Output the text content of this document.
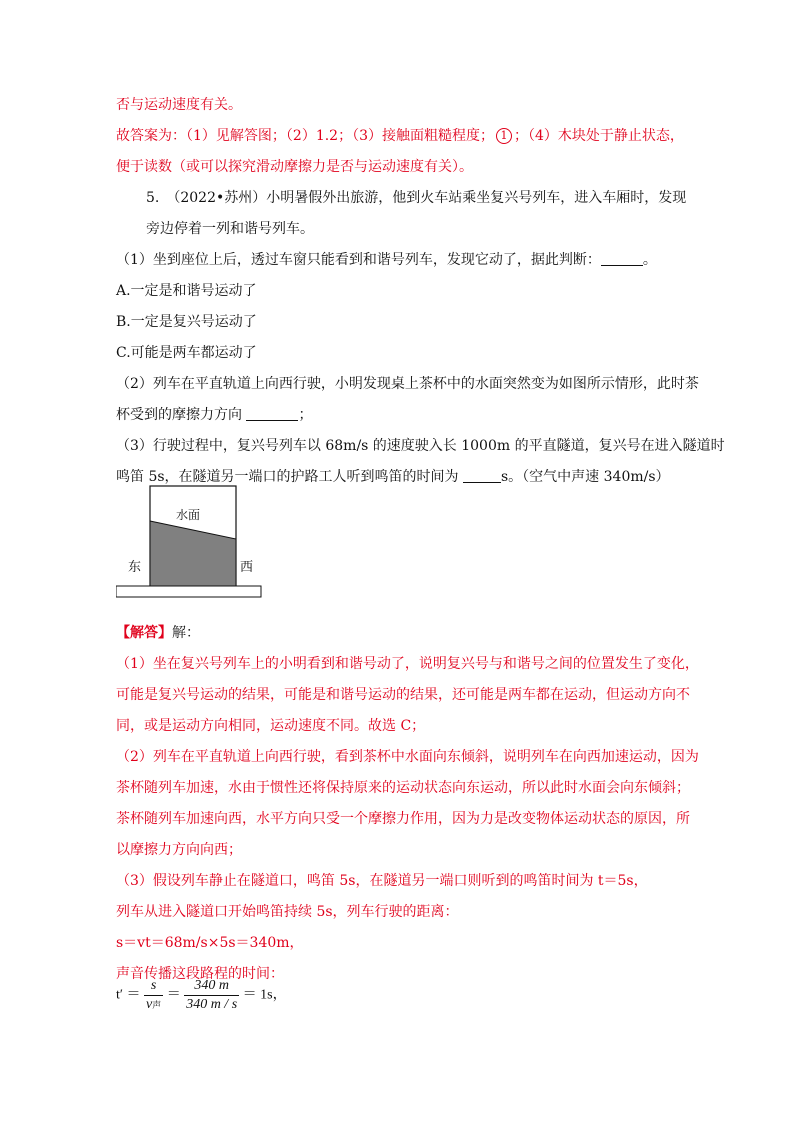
否与运动速度有关。
故答案为：（1）见解答图；（2）1.2；（3）接触面粗糙程度； 1 ；（4）木块处于静止状态，
便于读数（或可以探究滑动摩擦力是否与运动速度有关）。
5.　（2022•苏州）小明暑假外出旅游，他到火车站乘坐复兴号列车，进入车厢时，发现
旁边停着一列和谐号列车。
（1）坐到座位上后，透过车窗只能看到和谐号列车，发现它动了，据此判断：	。
A.一定是和谐号运动了
B.一定是复兴号运动了
C.可能是两车都运动了
（2）列车在平直轨道上向西行驶，小明发现桌上茶杯中的水面突然变为如图所示情形，此时茶
杯受到的摩擦力方向	；
（3）行驶过程中，复兴号列车以 68m/s 的速度驶入长 1000m 的平直隧道，复兴号在进入隧道时
鸣笛 5s，在隧道另一端口的护路工人听到鸣笛的时间为	s。（空气中声速 340m/s）
水面
东	西
【解答】解：
（1）坐在复兴号列车上的小明看到和谐号动了，说明复兴号与和谐号之间的位置发生了变化，
可能是复兴号运动的结果，可能是和谐号运动的结果，还可能是两车都在运动，但运动方向不
同，或是运动方向相同，运动速度不同。故选 C；
（2）列车在平直轨道上向西行驶，看到茶杯中水面向东倾斜，说明列车在向西加速运动，因为
茶杯随列车加速，水由于惯性还将保持原来的运动状态向东运动，所以此时水面会向东倾斜；
茶杯随列车加速向西，水平方向只受一个摩擦力作用，因为力是改变物体运动状态的原因，所
以摩擦力方向向西；
（3）假设列车静止在隧道口，鸣笛 5s，在隧道另一端口则听到的鸣笛时间为 t＝5s，
列车从进入隧道口开始鸣笛持续 5s，列车行驶的距离：
s＝vt＝68m/s×5s＝340m，
声音传播这段路程的时间：
$t' = \frac{s}{\text{v声}} = \frac{340 m}{340 m / s} = 1s$，
